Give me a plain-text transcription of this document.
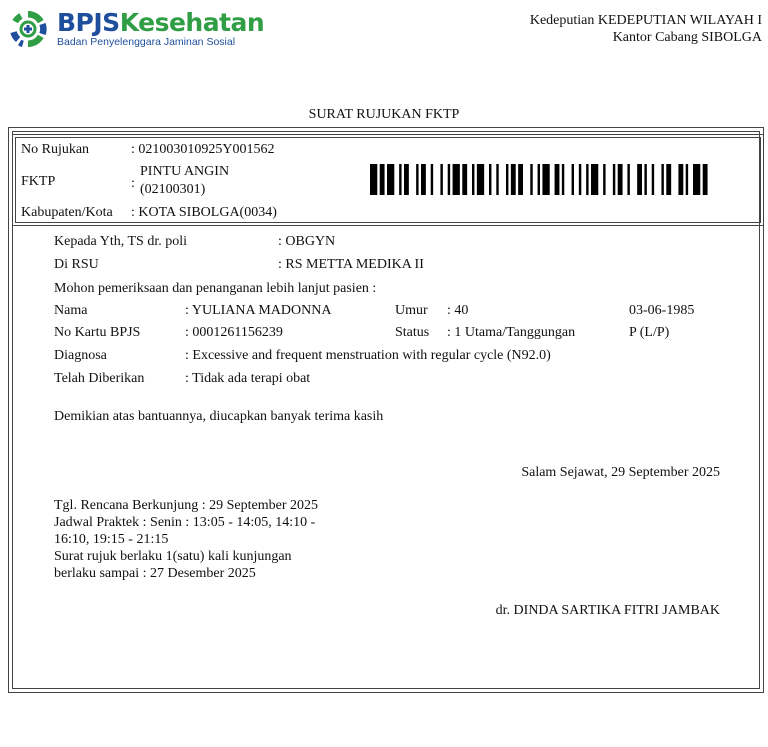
BPJSKesehatan
Badan Penyelenggara Jaminan Sosial
Kedeputian KEDEPUTIAN WILAYAH I
Kantor Cabang SIBOLGA
SURAT RUJUKAN FKTP
No Rujukan	: 021003010925Y001562
FKTP	:
PINTU ANGIN
(02100301)
Kabupaten/Kota : KOTA SIBOLGA(0034)
Kepada Yth, TS dr. poli	: OBGYN
Di RSU	: RS METTA MEDIKA II
Mohon pemeriksaan dan penanganan lebih lanjut pasien :
Nama	: YULIANA MADONNA	Umur : 40	03-06-1985
No Kartu BPJS	: 0001261156239	Status : 1 Utama/Tanggungan	P (L/P)
Diagnosa	: Excessive and frequent menstruation with regular cycle (N92.0)
Telah Diberikan	: Tidak ada terapi obat
Demikian atas bantuannya, diucapkan banyak terima kasih
Salam Sejawat, 29 September 2025
Tgl. Rencana Berkunjung : 29 September 2025
Jadwal Praktek : Senin : 13:05 - 14:05, 14:10 -
16:10, 19:15 - 21:15
Surat rujuk berlaku 1(satu) kali kunjungan
berlaku sampai : 27 Desember 2025
dr. DINDA SARTIKA FITRI JAMBAK
